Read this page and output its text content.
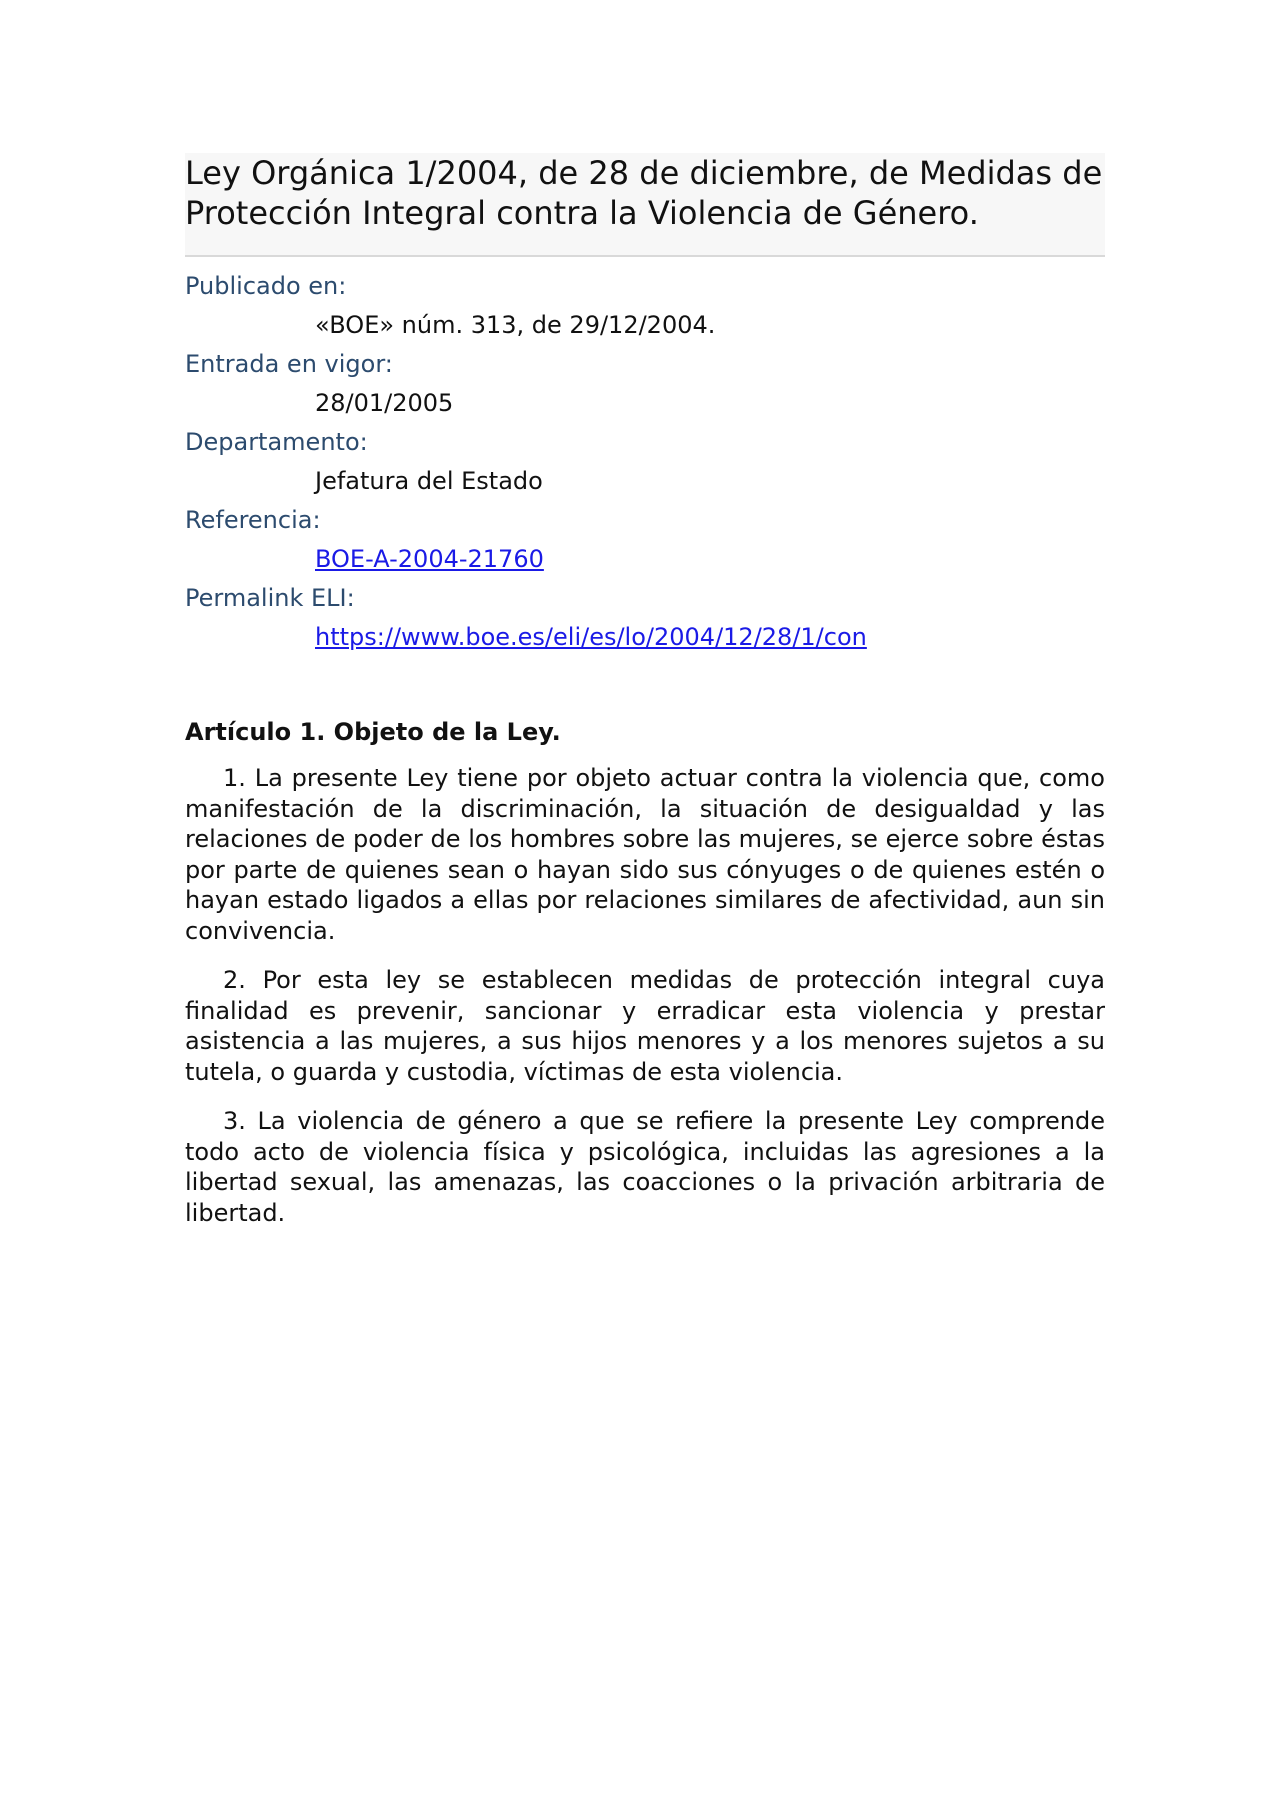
Ley Orgánica 1/2004, de 28 de diciembre, de Medidas de Protección Integral contra la Violencia de Género.
Publicado en:
«BOE» núm. 313, de 29/12/2004.
Entrada en vigor:
28/01/2005
Departamento:
Jefatura del Estado
Referencia:
BOE-A-2004-21760
Permalink ELI:
https://www.boe.es/eli/es/lo/2004/12/28/1/con
Artículo 1. Objeto de la Ley.

1. La presente Ley tiene por objeto actuar contra la violencia que, como manifestación de la discriminación, la situación de desigualdad y las relaciones de poder de los hombres sobre las mujeres, se ejerce sobre éstas por parte de quienes sean o hayan sido sus cónyuges o de quienes estén o hayan estado ligados a ellas por relaciones similares de afectividad, aun sin convivencia.

2. Por esta ley se establecen medidas de protección integral cuya finalidad es prevenir, sancionar y erradicar esta violencia y prestar asistencia a las mujeres, a sus hijos menores y a los menores sujetos a su tutela, o guarda y custodia, víctimas de esta violencia.

3. La violencia de género a que se refiere la presente Ley comprende todo acto de violencia física y psicológica, incluidas las agresiones a la libertad sexual, las amenazas, las coacciones o la privación arbitraria de libertad.
